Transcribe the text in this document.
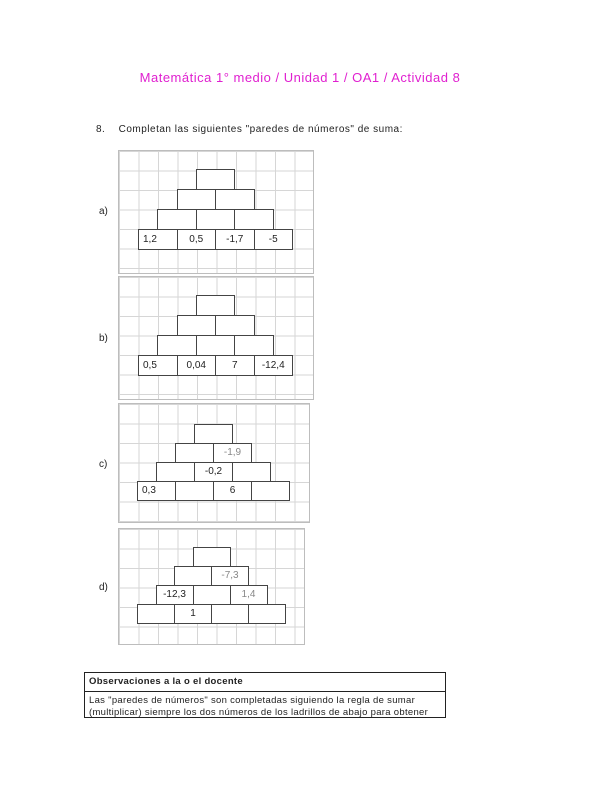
Matemática 1° medio / Unidad 1 / OA1 / Actividad 8
8. Completan las siguientes "paredes de números" de suma:
a)
1,2	0,5	-1,7	-5
b)
0,5	0,04	7	-12,4
c)
-1,9
-0,2
0,3	6
d)
-7,3
-12,3	1,4
1
Observaciones a la o el docente
Las "paredes de números" son completadas siguiendo la regla de sumar
(multiplicar) siempre los dos números de los ladrillos de abajo para obtener
